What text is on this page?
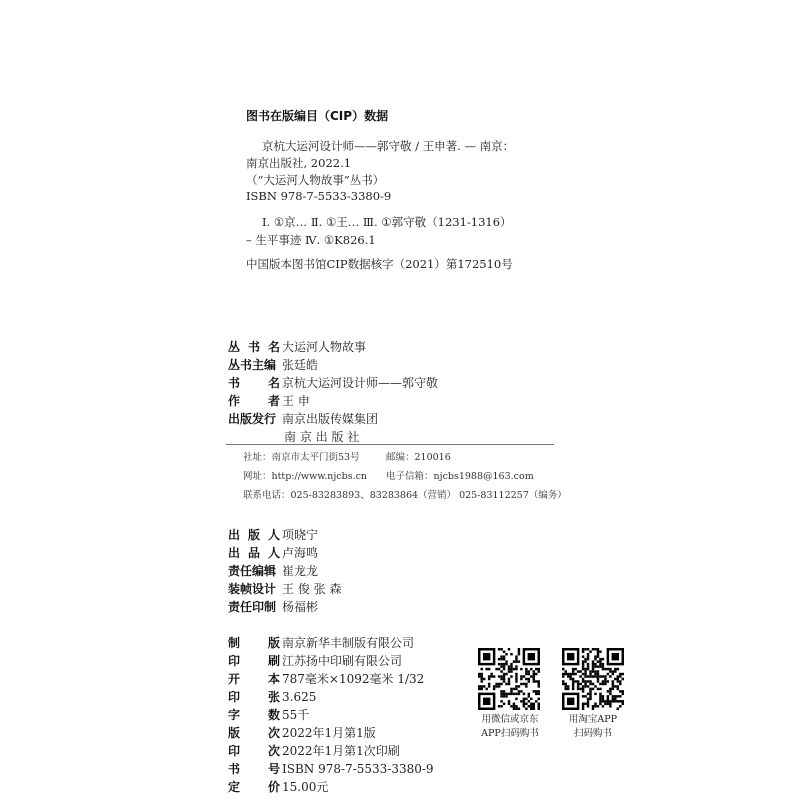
图书在版编目（CIP）数据
京杭大运河设计师——郭守敬 / 王申著. — 南京：
南京出版社, 2022.1
（“大运河人物故事”丛书）
ISBN 978-7-5533-3380-9
Ⅰ. ①京… Ⅱ. ①王… Ⅲ. ①郭守敬（1231-1316）
– 生平事迹 Ⅳ. ①K826.1
中国版本图书馆CIP数据核字（2021）第172510号
丛 书 名 大运河人物故事
丛书主编 张廷皓
书 名 京杭大运河设计师——郭守敬
作 者 王 申
出版发行 南京出版传媒集团
南 京 出 版 社
社址：南京市太平门街53号	邮编：210016
网址：http://www.njcbs.cn 电子信箱：njcbs1988@163.com
联系电话：025-83283893、83283864（营销） 025-83112257（编务）
出 版 人 项晓宁
出 品 人 卢海鸣
责任编辑 崔龙龙
装帧设计 王 俊 张 森
责任印制 杨福彬
制 版 南京新华丰制版有限公司
印 刷 江苏扬中印刷有限公司
开 本 787毫米×1092毫米 1/32
印 张 3.625
字 数 55千
版 次 2022年1月第1版
印 次 2022年1月第1次印刷
书 号 ISBN 978-7-5533-3380-9
定 价 15.00元
用微信或京东
APP扫码购书
用淘宝APP
扫码购书
